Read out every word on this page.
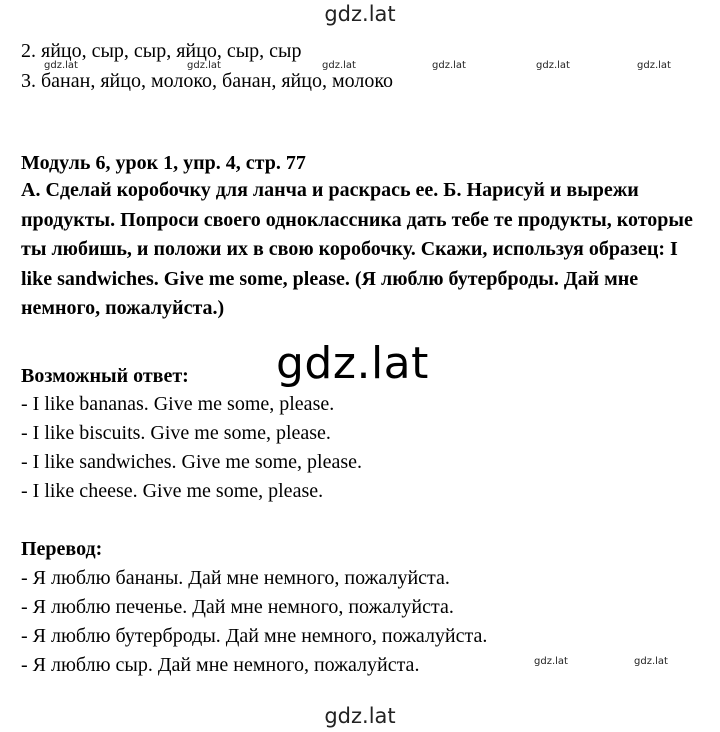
gdz.lat
gdz.lat	gdz.lat	gdz.lat	gdz.lat	gdz.lat	gdz.lat
2. яйцо, сыр, сыр, яйцо, сыр, сыр
3. банан, яйцо, молоко, банан, яйцо, молоко
Модуль 6, урок 1, упр. 4, стр. 77
А. Сделай коробочку для ланча и раскрась ее. Б. Нарисуй и вырежи продукты. Попроси своего одноклассника дать тебе те продукты, которые ты любишь, и положи их в свою коробочку. Скажи, используя образец: I like sandwiches. Give me some, please. (Я люблю бутерброды. Дай мне немного, пожалуйста.)
gdz.lat
Возможный ответ:
- I like bananas. Give me some, please.
- I like biscuits. Give me some, please.
- I like sandwiches. Give me some, please.
- I like cheese. Give me some, please.
Перевод:
- Я люблю бананы. Дай мне немного, пожалуйста.
- Я люблю печенье. Дай мне немного, пожалуйста.
- Я люблю бутерброды. Дай мне немного, пожалуйста.
- Я люблю сыр. Дай мне немного, пожалуйста.	gdz.lat	gdz.lat
gdz.lat
